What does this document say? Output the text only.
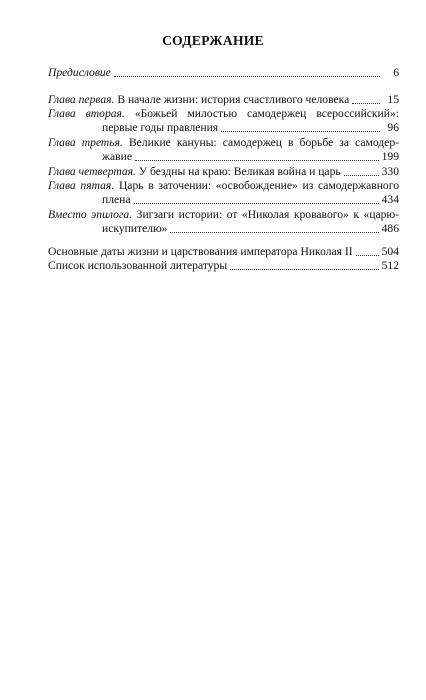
СОДЕРЖАНИЕ
Предисловие	6
Глава первая. В начале жизни: история счастливого человека	15
Глава вторая. «Божьей милостью самодержец всероссийский»:
первые годы правления	96
Глава третья. Великие кануны: самодержец в борьбе за самодер-
жавие	199
Глава четвертая. У бездны на краю: Великая война и царь	330
Глава пятая. Царь в заточении: «освобождение» из самодержавного
плена	434
Вместо эпилога. Зигзаги истории: от «Николая кровавого» к «царю-
искупителю»	486
Основные даты жизни и царствования императора Николая II 504
Список использованной литературы	512
